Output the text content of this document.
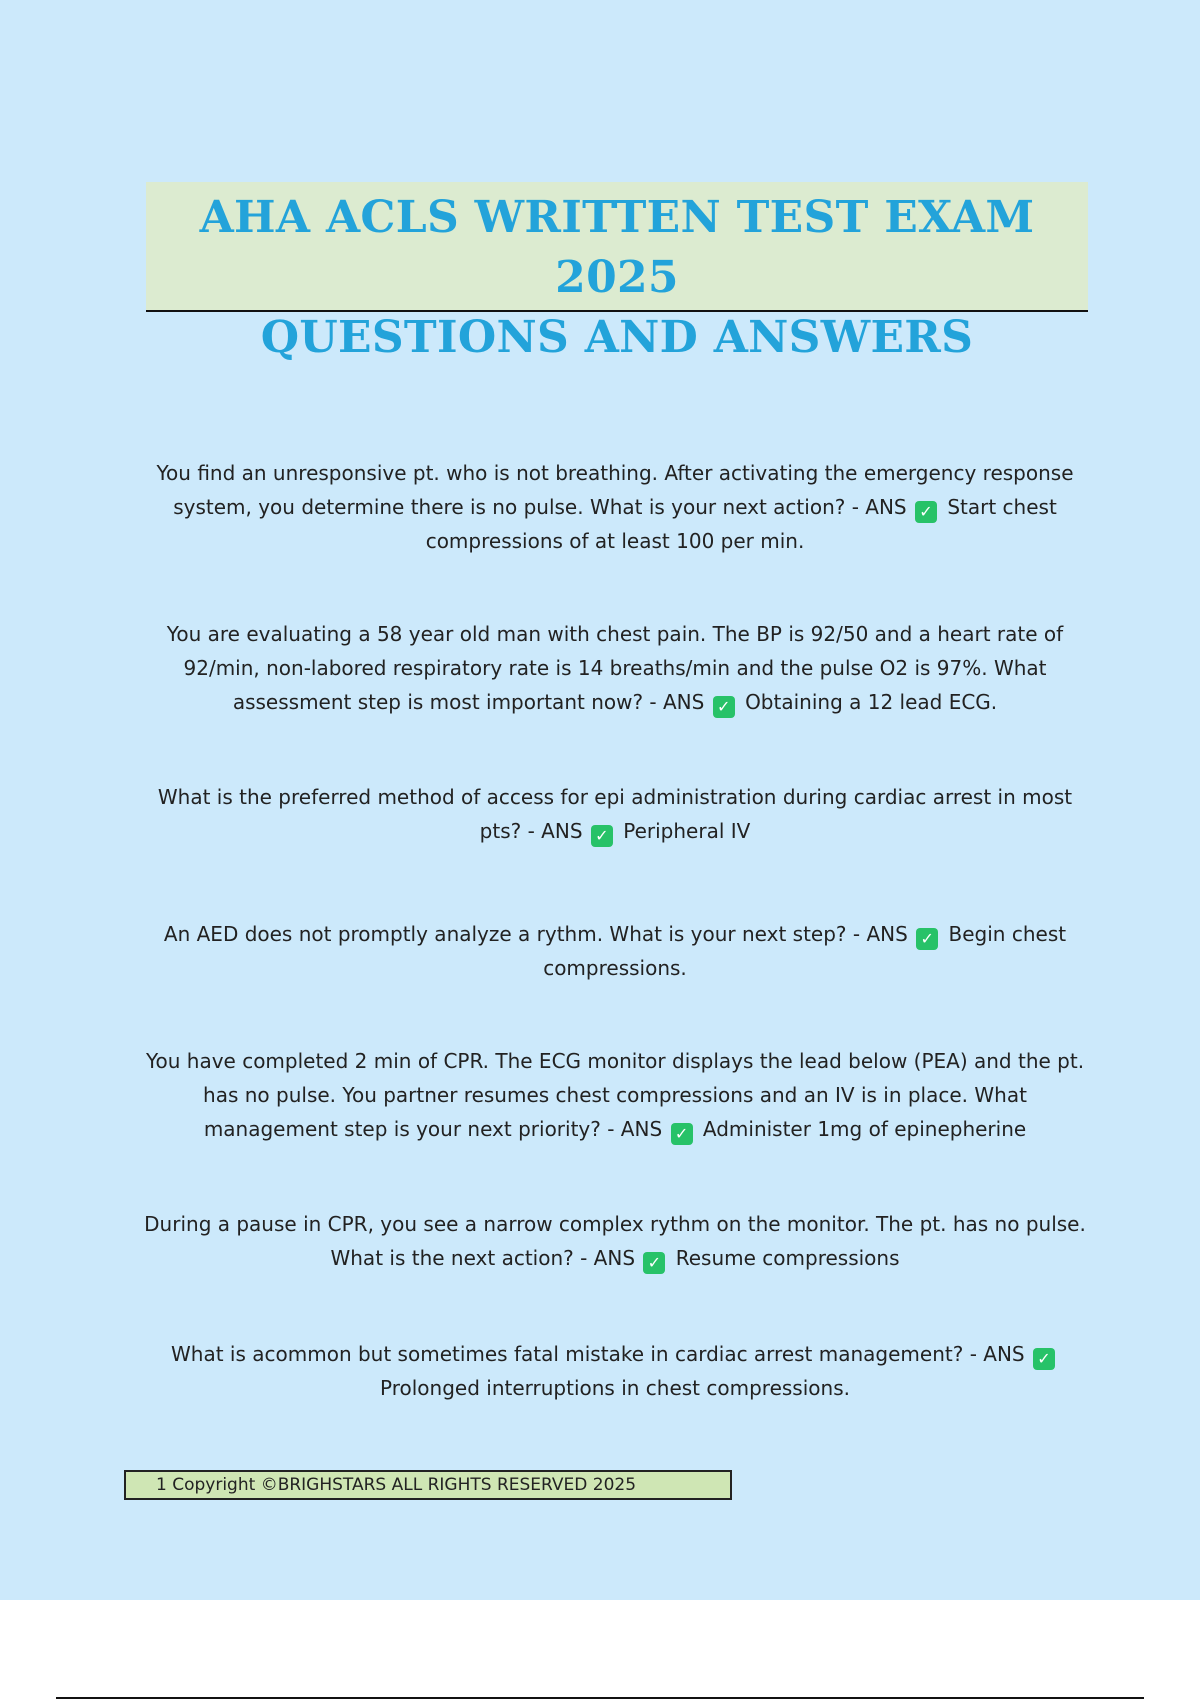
AHA ACLS WRITTEN TEST EXAM 2025
QUESTIONS AND ANSWERS
You find an unresponsive pt. who is not breathing. After activating the emergency response system, you determine there is no pulse. What is your next action? - ANS ✓ Start chest compressions of at least 100 per min.
You are evaluating a 58 year old man with chest pain. The BP is 92/50 and a heart rate of 92/min, non-labored respiratory rate is 14 breaths/min and the pulse O2 is 97%. What assessment step is most important now? - ANS ✓ Obtaining a 12 lead ECG.
What is the preferred method of access for epi administration during cardiac arrest in most pts? - ANS ✓ Peripheral IV
An AED does not promptly analyze a rythm. What is your next step? - ANS ✓ Begin chest compressions.
You have completed 2 min of CPR. The ECG monitor displays the lead below (PEA) and the pt. has no pulse. You partner resumes chest compressions and an IV is in place. What management step is your next priority? - ANS ✓ Administer 1mg of epinepherine
During a pause in CPR, you see a narrow complex rythm on the monitor. The pt. has no pulse. What is the next action? - ANS ✓ Resume compressions
What is acommon but sometimes fatal mistake in cardiac arrest management? - ANS ✓ Prolonged interruptions in chest compressions.
1 Copyright ©BRIGHSTARS ALL RIGHTS RESERVED 2025
